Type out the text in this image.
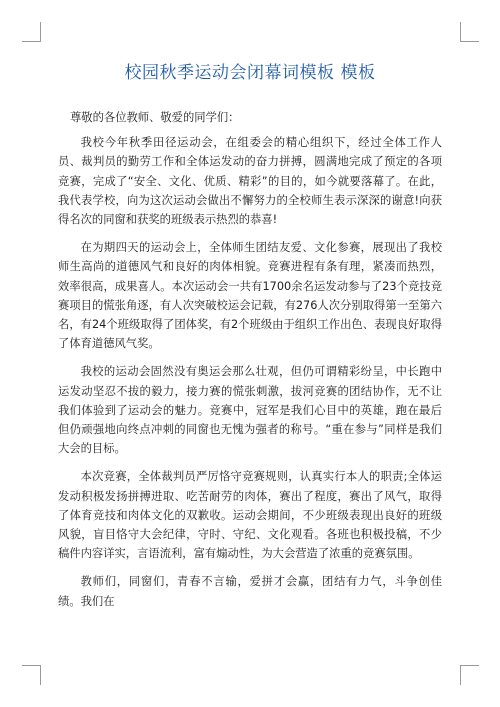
校园秋季运动会闭幕词模板 模板

尊敬的各位教师、敬爱的同学们：

我校今年秋季田径运动会，在组委会的精心组织下，经过全体工作人员、裁判员的勤劳工作和全体运发动的奋力拼搏，圆满地完成了预定的各项竞赛，完成了“安全、文化、优质、精彩”的目的，如今就要落幕了。在此，我代表学校，向为这次运动会做出不懈努力的全校师生表示深深的谢意!向获得名次的同窗和获奖的班级表示热烈的恭喜!

在为期四天的运动会上，全体师生团结友爱、文化参赛，展现出了我校师生高尚的道德风气和良好的肉体相貌。竞赛进程有条有理，紧凑而热烈，效率很高，成果喜人。本次运动会一共有1700余名运发动参与了23个竞技竞赛项目的慌张角逐，有人次突破校运会记载，有276人次分别取得第一至第六名，有24个班级取得了团体奖，有2个班级由于组织工作出色、表现良好取得了体育道德风气奖。

我校的运动会固然没有奥运会那么壮观，但仍可谓精彩纷呈，中长跑中运发动坚忍不拔的毅力，接力赛的慌张刺激，拔河竞赛的团结协作，无不让我们体验到了运动会的魅力。竞赛中，冠军是我们心目中的英雄，跑在最后但仍顽强地向终点冲刺的同窗也无愧为强者的称号。“重在参与”同样是我们大会的目标。

本次竞赛，全体裁判员严厉恪守竞赛规则，认真实行本人的职责;全体运发动积极发扬拼搏进取、吃苦耐劳的肉体，赛出了程度，赛出了风气，取得了体育竞技和肉体文化的双歉收。运动会期间，不少班级表现出良好的班级风貌，盲目恪守大会纪律，守时、守纪、文化观看。各班也积极投稿，不少稿件内容详实，言语流利，富有煽动性，为大会营造了浓重的竞赛氛围。

教师们，同窗们，青春不言输，爱拼才会赢，团结有力气，斗争创佳绩。我们在
